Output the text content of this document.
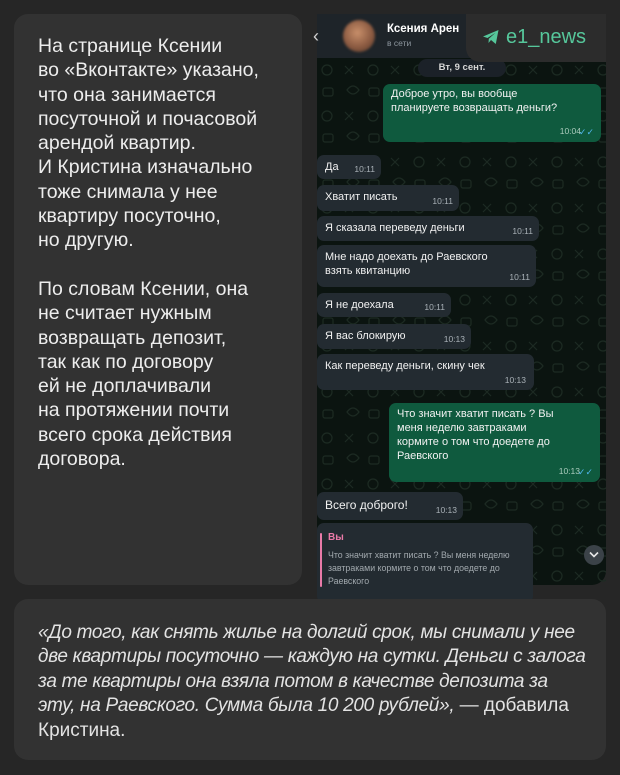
На странице Ксении
во «Вконтакте» указано,
что она занимается
посуточной и почасовой
арендой квартир.
И Кристина изначально
тоже снимала у нее
квартиру посуточно,
но другую.

По словам Ксении, она
не считает нужным
возвращать депозит,
так как по договору
ей не доплачивали
на протяжении почти
всего срока действия
договора.
‹	Ксения Арен
в сети
Вт, 9 сент.
Доброе утро, вы вообще
планируете возвращать деньги?
10:04
✓✓
Да 10:11
Хватит писать	10:11
Я сказала переведу деньги	10:11
Мне надо доехать до Раевского
взять квитанцию	10:11
Я не доехала	10:11
Я вас блокирую	10:13
Как переведу деньги, скину чек
10:13
Что значит хватит писать ? Вы
меня неделю завтраками
кормите о том что доедете до
Раевского
10:13
✓✓
Всего доброго!	10:13
Вы
Что значит хватит писать ? Вы меня неделю завтраками кормите о том что доедете до Раевского
e1_news
«До того, как снять жилье на долгий срок, мы снимали у нее две квартиры посуточно — каждую на сутки. Деньги с залога за те квартиры она взяла потом в качестве депозита за эту, на Раевского. Сумма была 10 200 рублей», — добавила Кристина.
